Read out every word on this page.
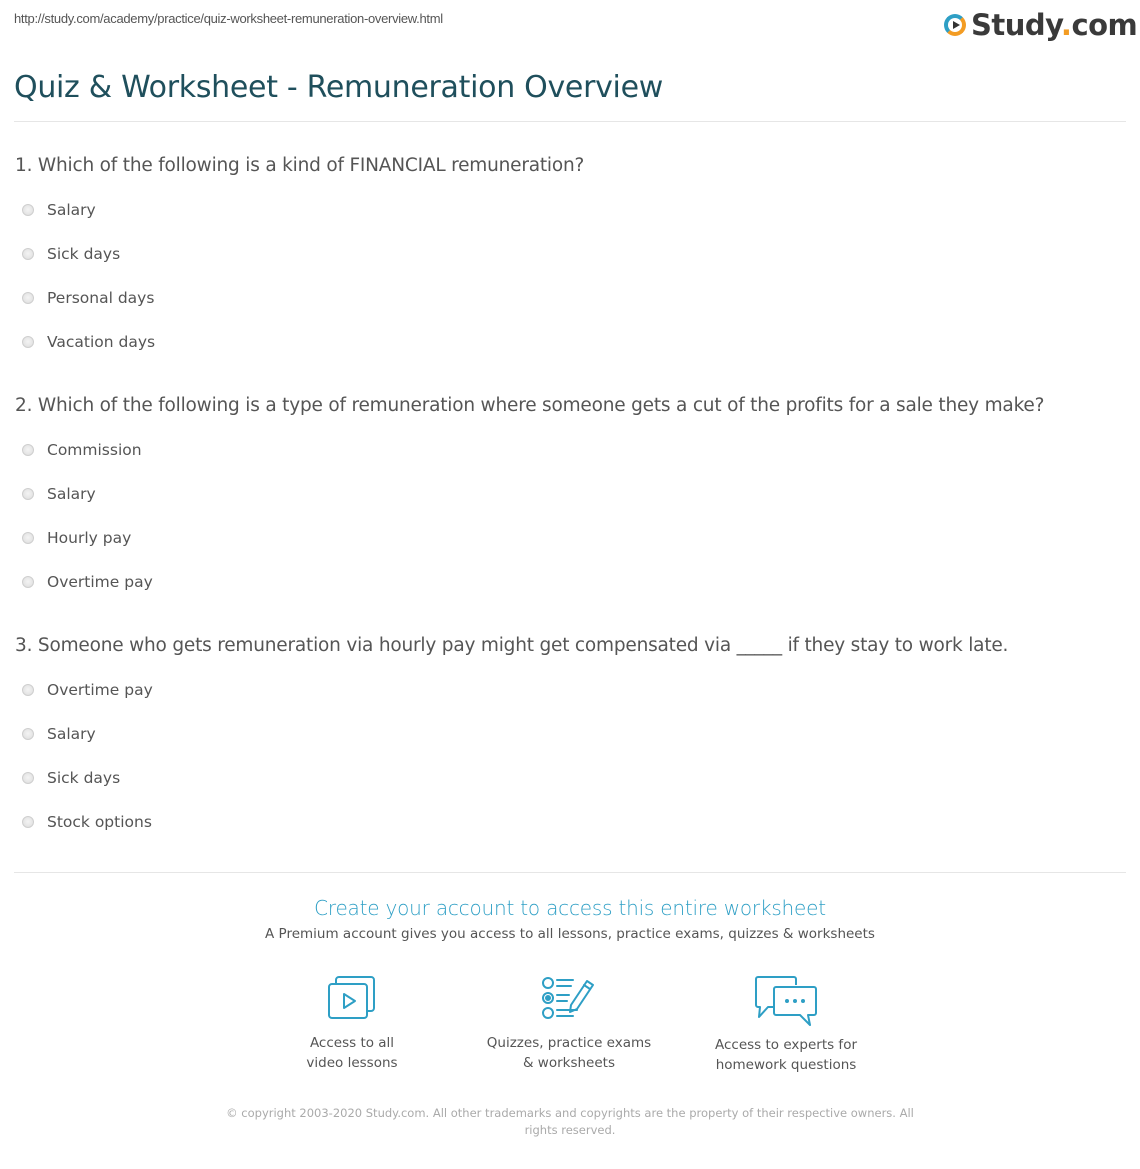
http://study.com/academy/practice/quiz-worksheet-remuneration-overview.html	Study.com
Quiz & Worksheet - Remuneration Overview
1. Which of the following is a kind of FINANCIAL remuneration?
Salary
Sick days
Personal days
Vacation days
2. Which of the following is a type of remuneration where someone gets a cut of the profits for a sale they make?
Commission
Salary
Hourly pay
Overtime pay
3. Someone who gets remuneration via hourly pay might get compensated via _____ if they stay to work late.
Overtime pay
Salary
Sick days
Stock options
Create your account to access this entire worksheet
A Premium account gives you access to all lessons, practice exams, quizzes & worksheets
Access to all
video lessons
Quizzes, practice exams
& worksheets
Access to experts for
homework questions
© copyright 2003-2020 Study.com. All other trademarks and copyrights are the property of their respective owners. All rights reserved.
